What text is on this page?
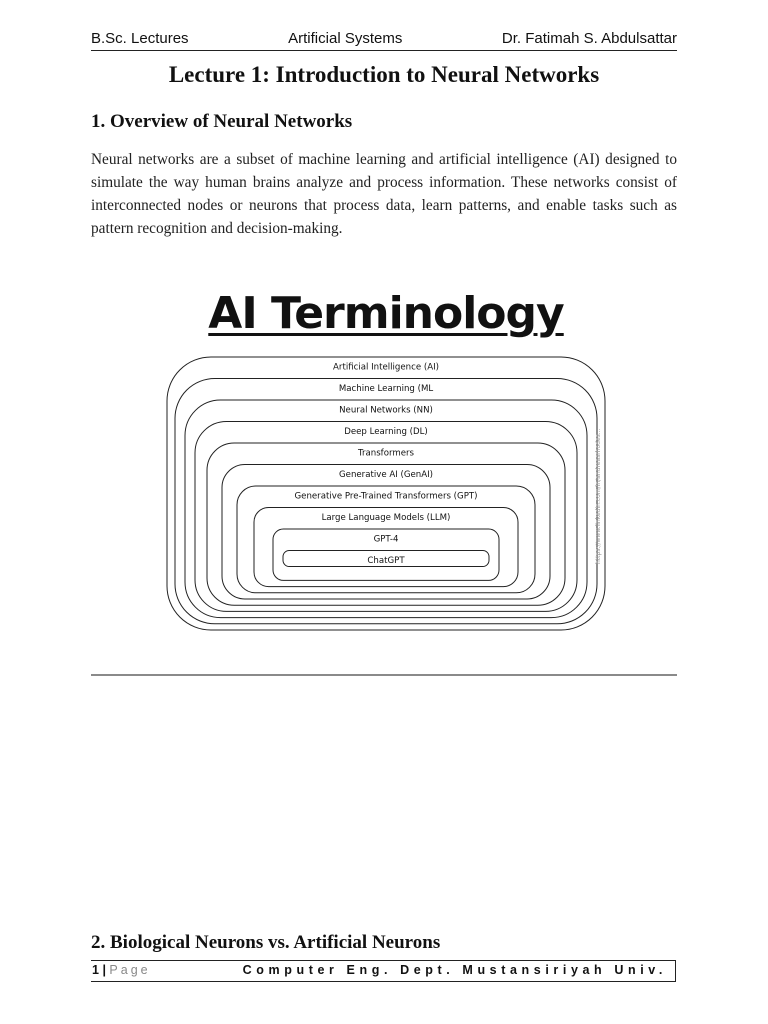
B.Sc. Lectures	Artificial Systems	Dr. Fatimah S. Abdulsattar
Lecture 1: Introduction to Neural Networks
1. Overview of Neural Networks
Neural networks are a subset of machine learning and artificial intelligence (AI) designed to simulate the way human brains analyze and process information. These networks consist of interconnected nodes or neurons that process data, learn patterns, and enable tasks such as pattern recognition and decision-making.
AI Terminology
Artificial Intelligence (AI)
Machine Learning (ML
Neural Networks (NN)
Deep Learning (DL)
Transformers
Generative AI (GenAI)
Generative Pre-Trained Transformers (GPT)
Large Language Models (LLM)
GPT-4
ChatGPT	https://www.linkedin.com/in/andreasrhodes...
2. Biological Neurons vs. Artificial Neurons
1 | Page	Computer Eng. Dept. Mustansiriyah Univ.
